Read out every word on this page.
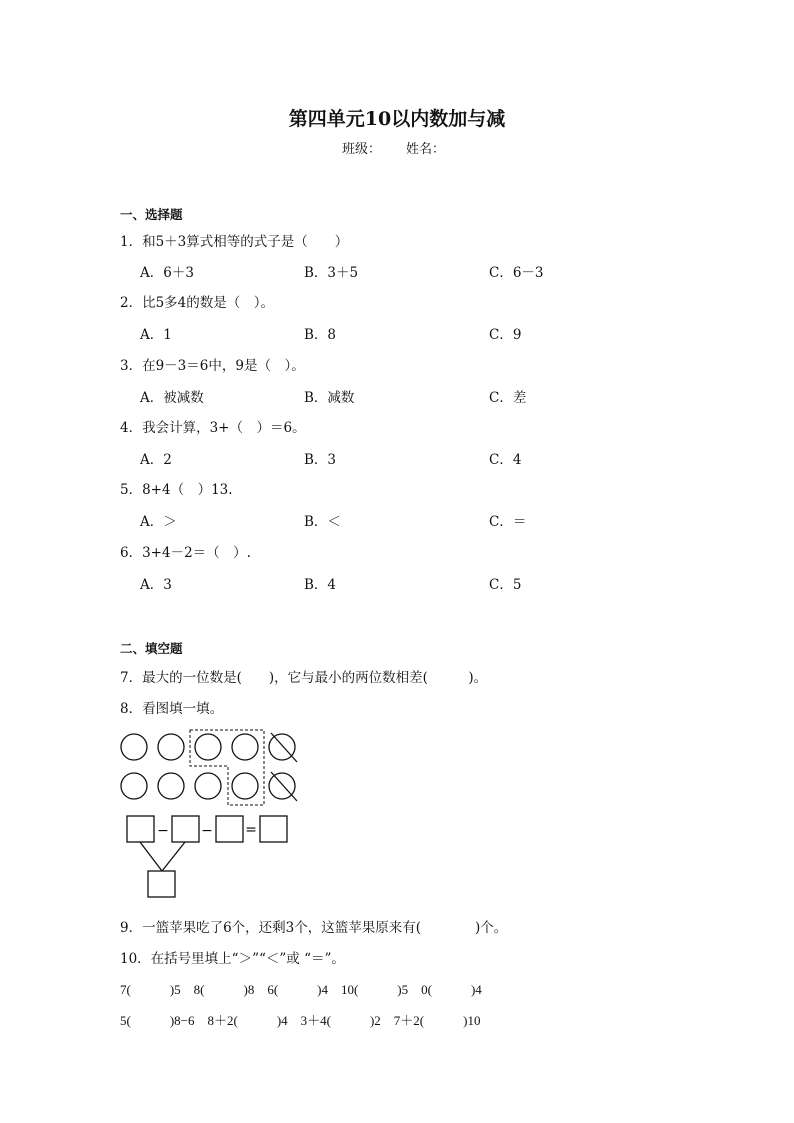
第四单元10以内数加与减
班级： 姓名：
一、选择题
1．和5＋3算式相等的式子是（　　）
A．6＋3	B．3＋5	C．6－3
2．比5多4的数是（　）。
A．1	B．8	C．9
3．在9－3＝6中，9是（　）。
A．被减数	B．减数	C．差
4．我会计算，3+（　）＝6。
A．2	B．3	C．4
5．8+4（　）13.
A．＞	B．＜	C．＝
6．3+4－2＝（　）.
A．3	B．4	C．5
二、填空题
7．最大的一位数是(　　)，它与最小的两位数相差(　　　)。
8．看图填一填。
− − =
9．一篮苹果吃了6个，还剩3个，这篮苹果原来有(　　　　)个。
10．在括号里填上“＞”“＜”或 “＝”。
7(　　　)5　8(　　　)8　6(　　　)4　10(　　　)5　0(　　　)4
5(　　　)8−6　8＋2(　　　)4　3＋4(　　　)2　7＋2(　　　)10
